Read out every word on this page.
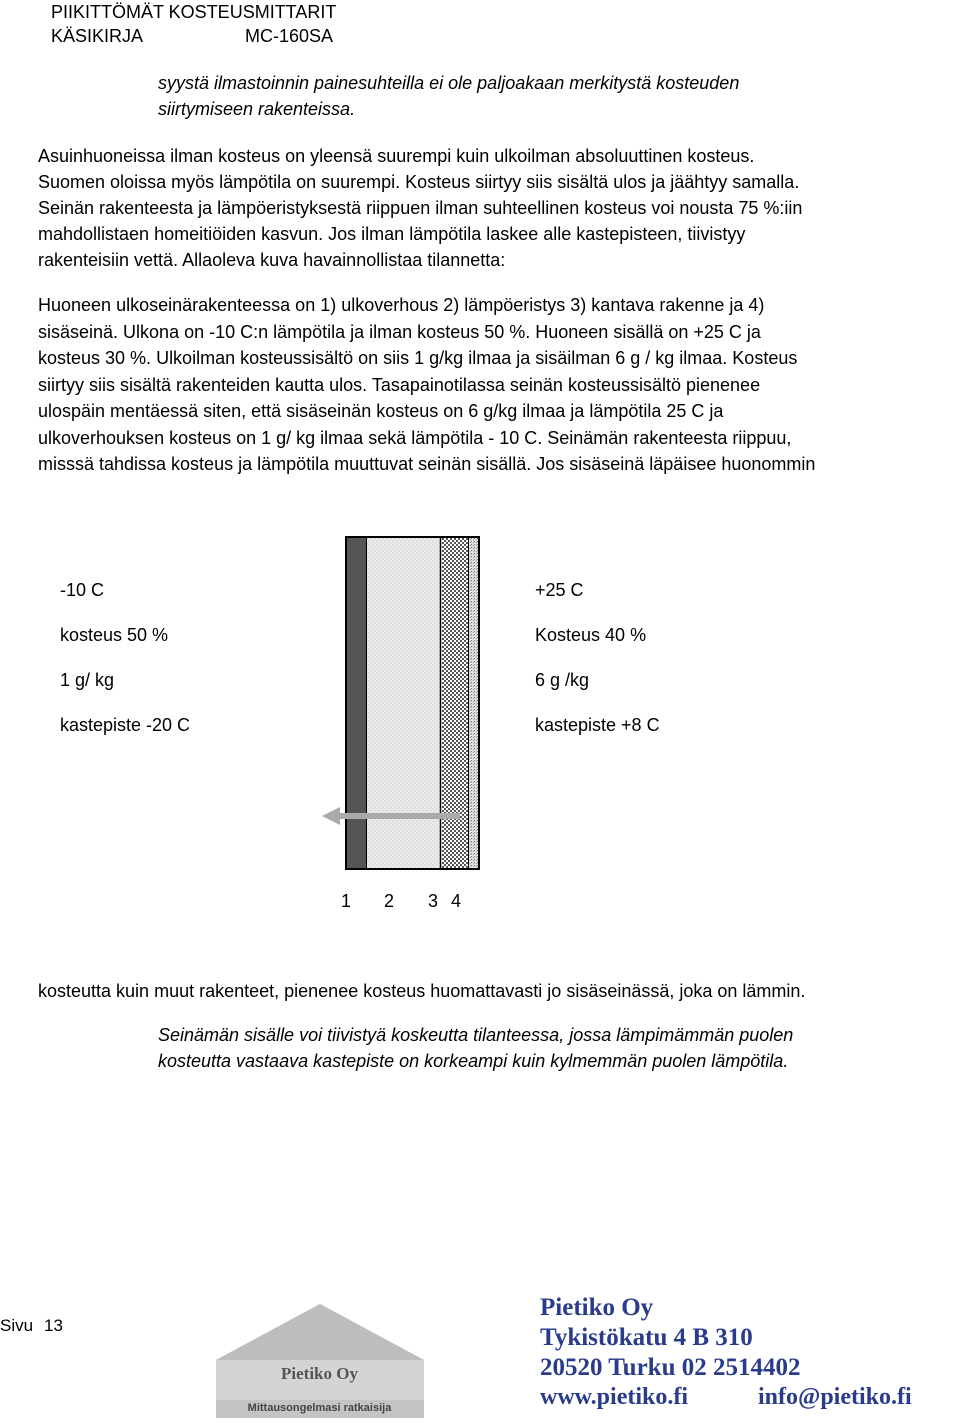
PIIKITTÖMÄT KOSTEUSMITTARIT
KÄSIKIRJA	MC-160SA
syystä ilmastoinnin painesuhteilla ei ole paljoakaan merkitystä kosteuden
siirtymiseen rakenteissa.
Asuinhuoneissa ilman kosteus on yleensä suurempi kuin ulkoilman absoluuttinen kosteus.
Suomen oloissa myös lämpötila on suurempi. Kosteus siirtyy siis sisältä ulos ja jäähtyy samalla.
Seinän rakenteesta ja lämpöeristyksestä riippuen ilman suhteellinen kosteus voi nousta 75 %:iin
mahdollistaen homeitiöiden kasvun. Jos ilman lämpötila laskee alle kastepisteen, tiivistyy
rakenteisiin vettä. Allaoleva kuva havainnollistaa tilannetta:
Huoneen ulkoseinärakenteessa on 1) ulkoverhous 2) lämpöeristys 3) kantava rakenne ja 4)
sisäseinä. Ulkona on -10 C:n lämpötila ja ilman kosteus 50 %. Huoneen sisällä on +25 C ja
kosteus 30 %. Ulkoilman kosteussisältö on siis 1 g/kg ilmaa ja sisäilman 6 g / kg ilmaa. Kosteus
siirtyy siis sisältä rakenteiden kautta ulos. Tasapainotilassa seinän kosteussisältö pienenee
ulospäin mentäessä siten, että sisäseinän kosteus on 6 g/kg ilmaa ja lämpötila 25 C ja
ulkoverhouksen kosteus on 1 g/ kg ilmaa sekä lämpötila - 10 C. Seinämän rakenteesta riippuu,
misssä tahdissa kosteus ja lämpötila muuttuvat seinän sisällä. Jos sisäseinä läpäisee huonommin
-10 C
kosteus 50 %
1 g/ kg
kastepiste -20 C
+25 C
Kosteus 40 %
6 g /kg
kastepiste +8 C
1 2 3 4
kosteutta kuin muut rakenteet, pienenee kosteus huomattavasti jo sisäseinässä, joka on lämmin.
Seinämän sisälle voi tiivistyä koskeutta tilanteessa, jossa lämpimämmän puolen
kosteutta vastaava kastepiste on korkeampi kuin kylmemmän puolen lämpötila.
Sivu 13
Pietiko Oy
Mittausongelmasi ratkaisija
Pietiko Oy
Tykistökatu 4 B 310
20520 Turku 02 2514402
www.pietiko.fi	info@pietiko.fi
